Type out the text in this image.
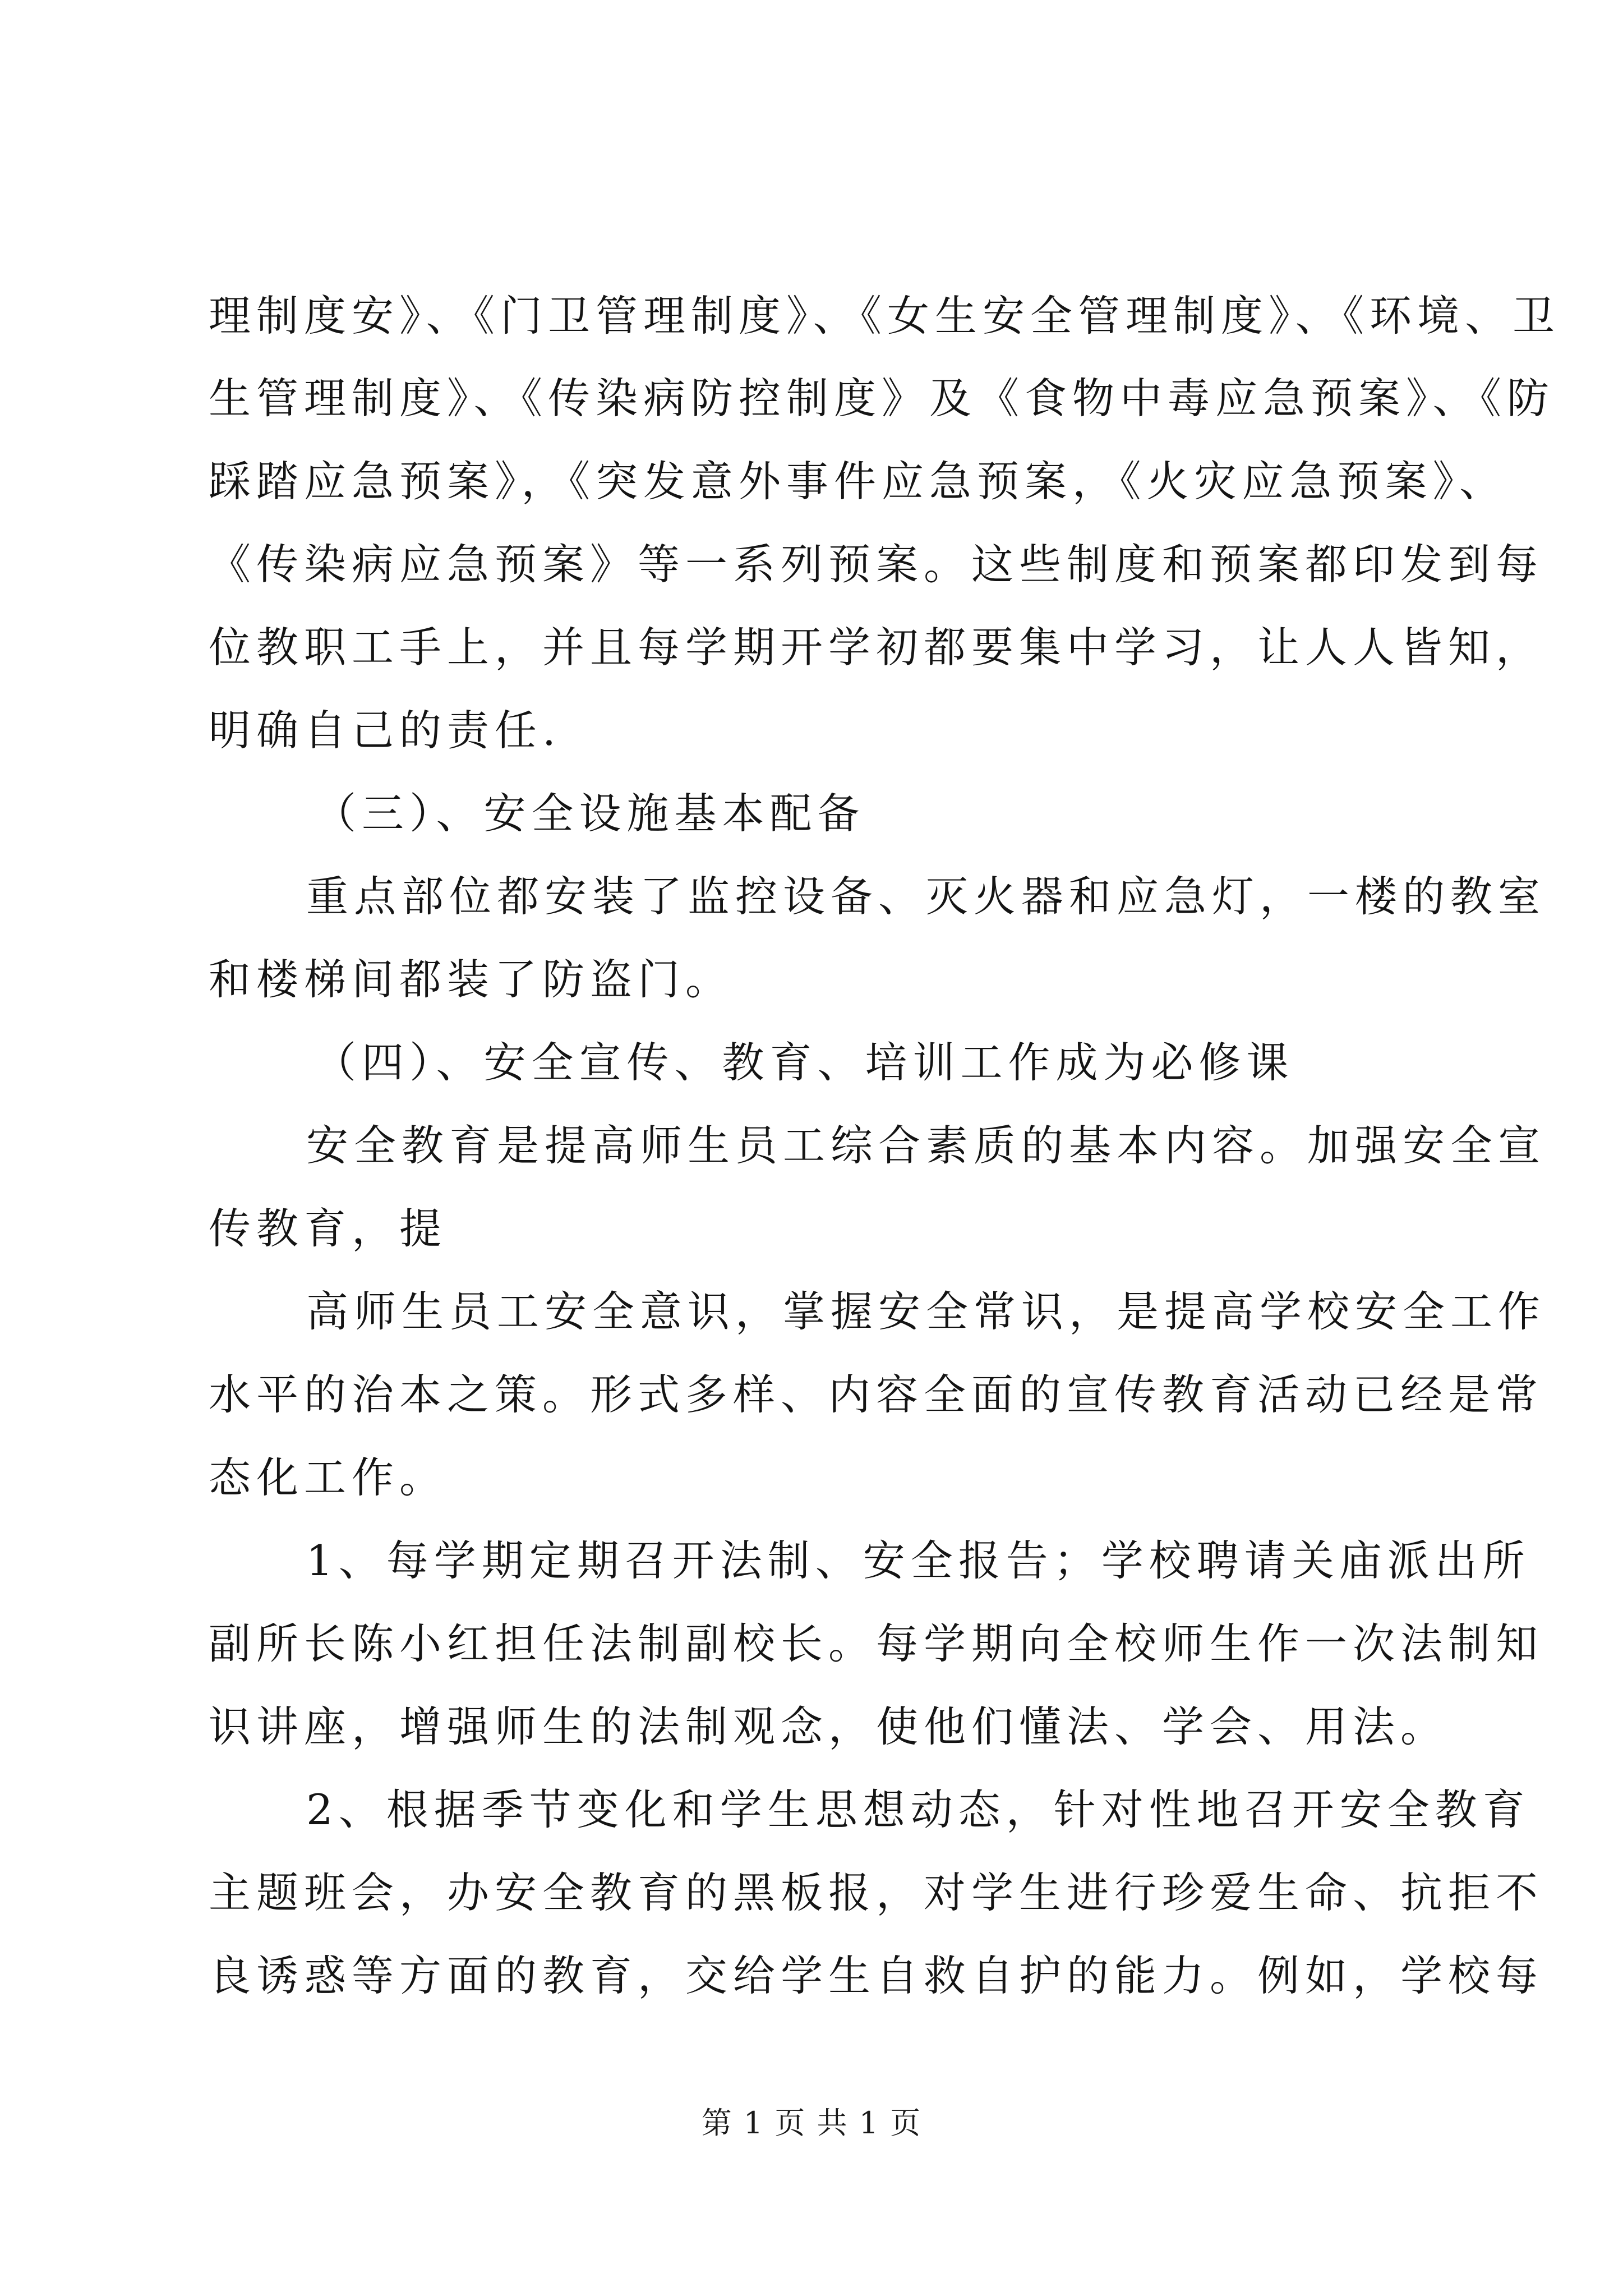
理制度安》、《门卫管理制度》、《女生安全管理制度》、《环境、卫
生管理制度》、《传染病防控制度》及《食物中毒应急预案》、《防
踩踏应急预案》，《突发意外事件应急预案，《火灾应急预案》、
《传染病应急预案》等一系列预案。这些制度和预案都印发到每
位教职工手上，并且每学期开学初都要集中学习，让人人皆知，
明确自己的责任.
（三）、安全设施基本配备
重点部位都安装了监控设备、灭火器和应急灯，一楼的教室
和楼梯间都装了防盗门。
（四）、安全宣传、教育、培训工作成为必修课
安全教育是提高师生员工综合素质的基本内容。加强安全宣
传教育，提
高师生员工安全意识，掌握安全常识，是提高学校安全工作
水平的治本之策。形式多样、内容全面的宣传教育活动已经是常
态化工作。
1、每学期定期召开法制、安全报告；学校聘请关庙派出所
副所长陈小红担任法制副校长。每学期向全校师生作一次法制知
识讲座，增强师生的法制观念，使他们懂法、学会、用法。
2、根据季节变化和学生思想动态，针对性地召开安全教育
主题班会，办安全教育的黑板报，对学生进行珍爱生命、抗拒不
良诱惑等方面的教育，交给学生自救自护的能力。例如，学校每
第 1 页 共 1 页
